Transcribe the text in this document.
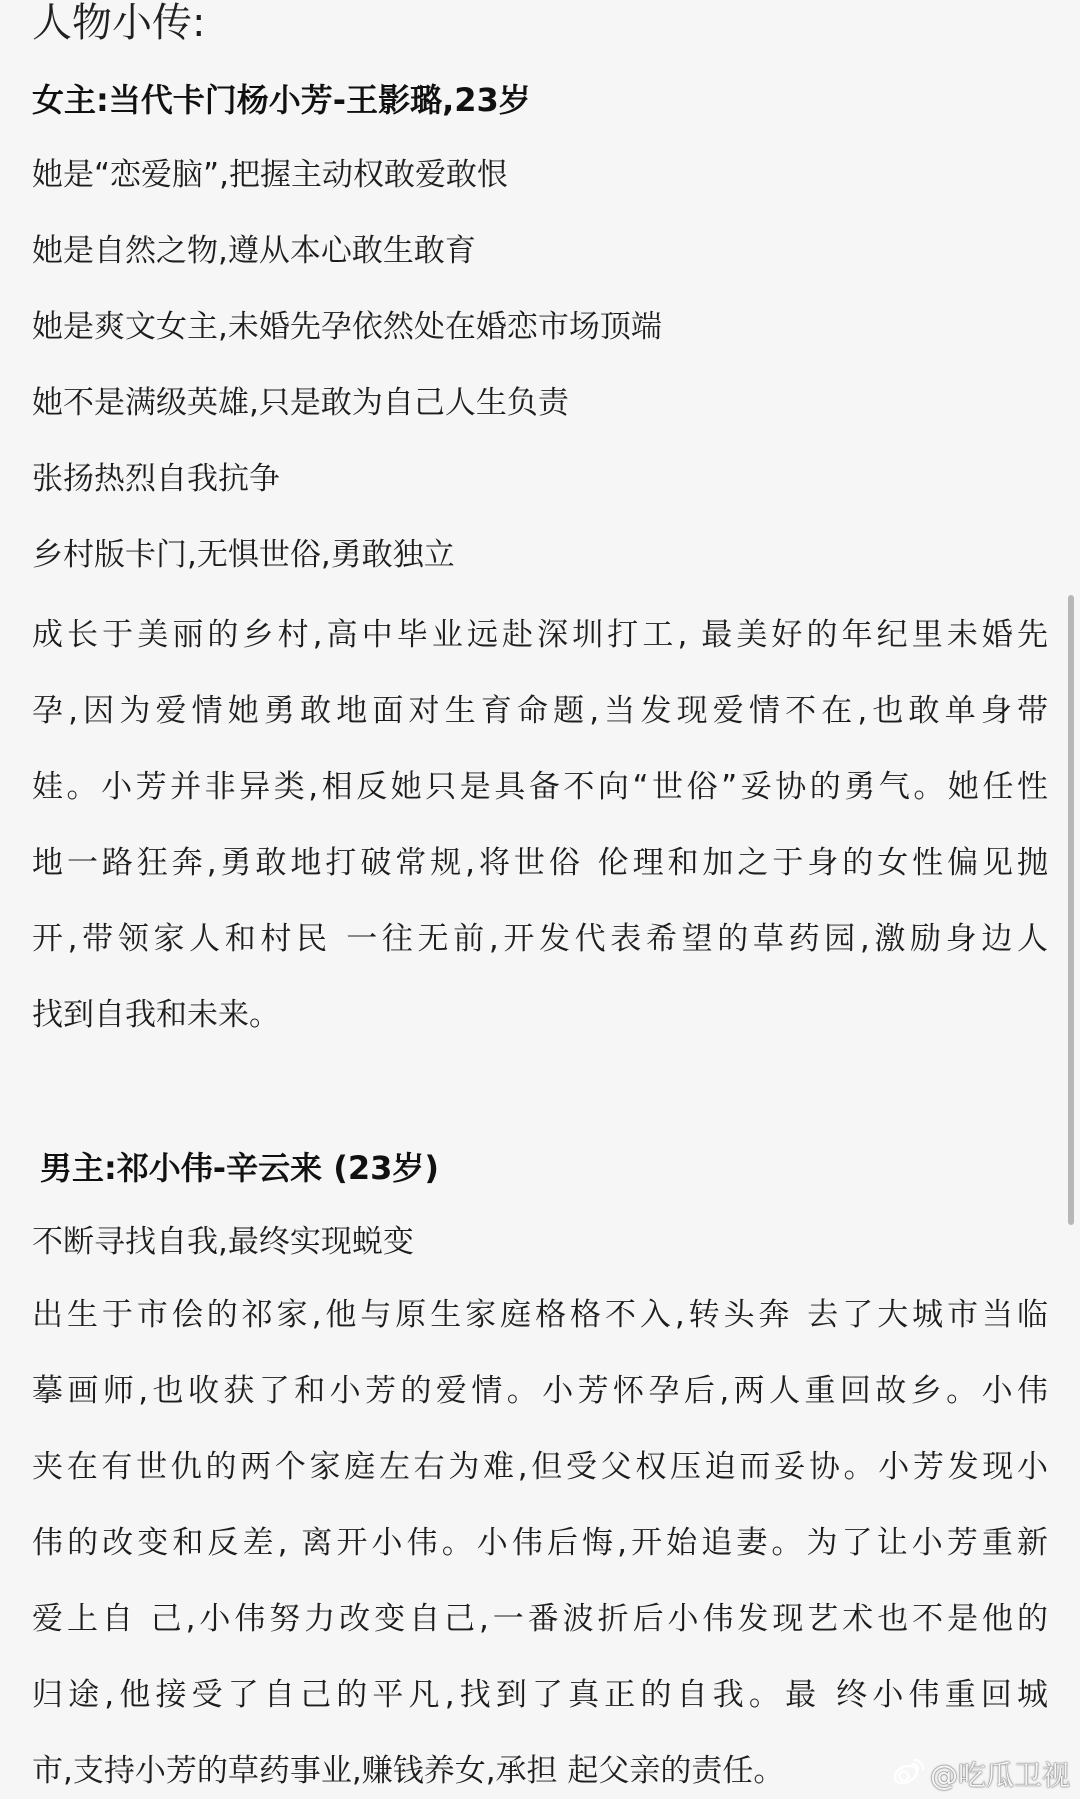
人物小传:
女主:当代卡门杨小芳-王影璐,23岁
她是“恋爱脑”,把握主动权敢爱敢恨
她是自然之物,遵从本心敢生敢育
她是爽文女主,未婚先孕依然处在婚恋市场顶端
她不是满级英雄,只是敢为自己人生负责
张扬热烈自我抗争
乡村版卡门,无惧世俗,勇敢独立
成长于美丽的乡村,高中毕业远赴深圳打工, 最美好的年纪里未婚先
孕,因为爱情她勇敢地面对生育命题,当发现爱情不在,也敢单身带
娃。小芳并非异类,相反她只是具备不向“世俗”妥协的勇气。她任性
地一路狂奔,勇敢地打破常规,将世俗 伦理和加之于身的女性偏见抛
开,带领家人和村民 一往无前,开发代表希望的草药园,激励身边人
找到自我和未来。
男主:祁小伟-辛云来 (23岁)
不断寻找自我,最终实现蜕变
出生于市侩的祁家,他与原生家庭格格不入,转头奔 去了大城市当临
摹画师,也收获了和小芳的爱情。小芳怀孕后,两人重回故乡。小伟
夹在有世仇的两个家庭左右为难,但受父权压迫而妥协。小芳发现小
伟的改变和反差, 离开小伟。小伟后悔,开始追妻。为了让小芳重新
爱上自 己,小伟努力改变自己,一番波折后小伟发现艺术也不是他的
归途,他接受了自己的平凡,找到了真正的自我。最 终小伟重回城
市,支持小芳的草药事业,赚钱养女,承担 起父亲的责任。	@吃瓜卫视
